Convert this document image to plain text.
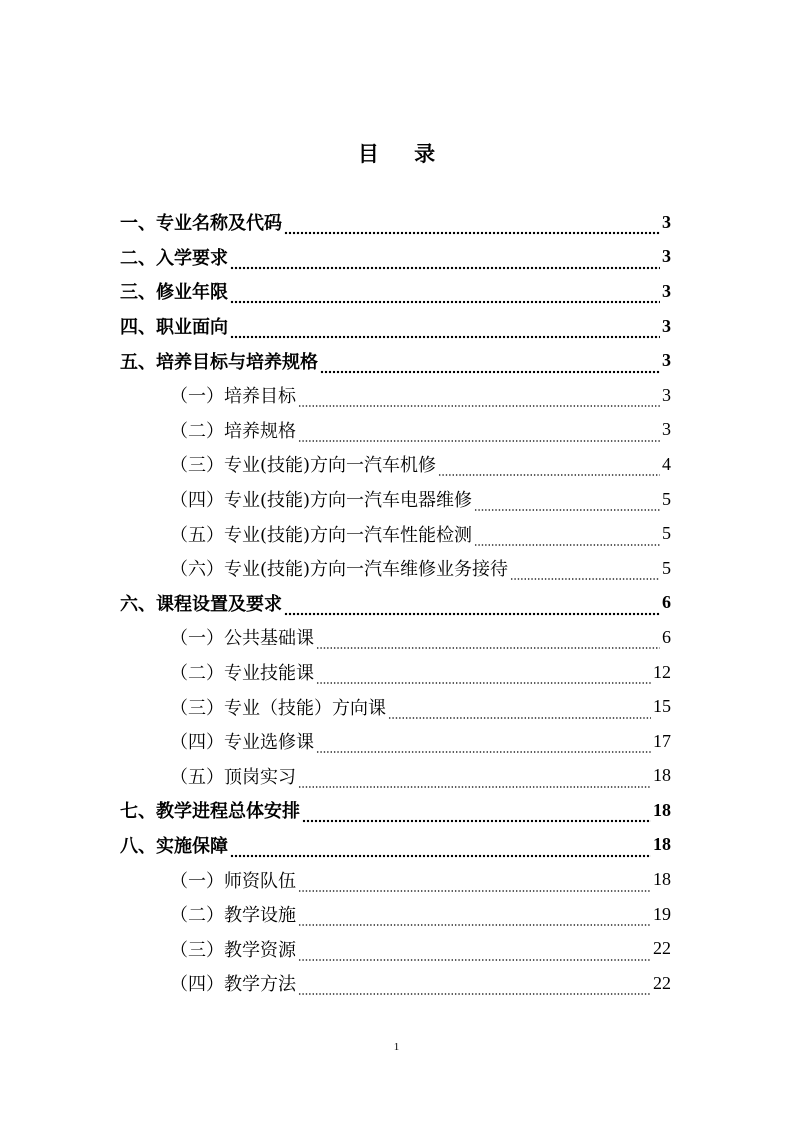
目 录
一、专业名称及代码	3
二、入学要求	3
三、修业年限	3
四、职业面向	3
五、培养目标与培养规格	3
（一）培养目标	3
（二）培养规格	3
（三）专业(技能)方向一汽车机修	4
（四）专业(技能)方向一汽车电器维修	5
（五）专业(技能)方向一汽车性能检测	5
（六）专业(技能)方向一汽车维修业务接待	5
六、课程设置及要求	6
（一）公共基础课	6
（二）专业技能课	12
（三）专业（技能）方向课	15
（四）专业选修课	17
（五）顶岗实习	18
七、教学进程总体安排	18
八、实施保障	18
（一）师资队伍	18
（二）教学设施	19
（三）教学资源	22
（四）教学方法	22
1
